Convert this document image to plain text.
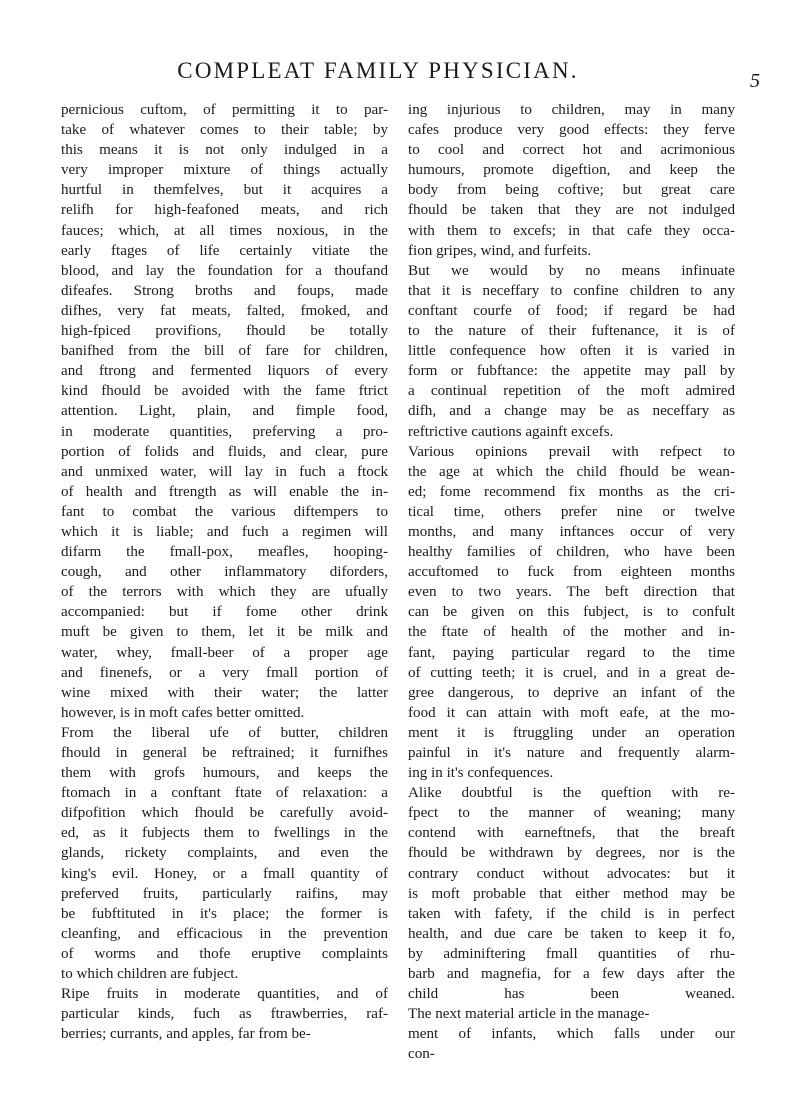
COMPLEAT FAMILY PHYSICIAN.	5

pernicious cuftom, of permitting it to par-

take of whatever comes to their table; by

this means it is not only indulged in a

very improper mixture of things actually

hurtful in themfelves, but it acquires a

relifh for high-feafoned meats, and rich

fauces; which, at all times noxious, in the

early ftages of life certainly vitiate the

blood, and lay the foundation for a thoufand

difeafes. Strong broths and foups, made

difhes, very fat meats, falted, fmoked, and

high-fpiced provifions, fhould be totally

banifhed from the bill of fare for children,

and ftrong and fermented liquors of every

kind fhould be avoided with the fame ftrict

attention. Light, plain, and fimple food,

in moderate quantities, preferving a pro-

portion of folids and fluids, and clear, pure

and unmixed water, will lay in fuch a ftock

of health and ftrength as will enable the in-

fant to combat the various diftempers to

which it is liable; and fuch a regimen will

difarm the fmall-pox, meafles, hooping-

cough, and other inflammatory diforders,

of the terrors with which they are ufually

accompanied: but if fome other drink

muft be given to them, let it be milk and

water, whey, fmall-beer of a proper age

and finenefs, or a very fmall portion of

wine mixed with their water; the latter

however, is in moft cafes better omitted.

From the liberal ufe of butter, children

fhould in general be reftrained; it furnifhes

them with grofs humours, and keeps the

ftomach in a conftant ftate of relaxation: a

difpofition which fhould be carefully avoid-

ed, as it fubjects them to fwellings in the

glands, rickety complaints, and even the

king's evil. Honey, or a fmall quantity of

preferved fruits, particularly raifins, may

be fubftituted in it's place; the former is

cleanfing, and efficacious in the prevention

of worms and thofe eruptive complaints

to which children are fubject.

Ripe fruits in moderate quantities, and of

particular kinds, fuch as ftrawberries, raf-

berries; currants, and apples, far from be-

ing injurious to children, may in many

cafes produce very good effects: they ferve

to cool and correct hot and acrimonious

humours, promote digeftion, and keep the

body from being coftive; but great care

fhould be taken that they are not indulged

with them to excefs; in that cafe they occa-

fion gripes, wind, and furfeits.

But we would by no means infinuate

that it is neceffary to confine children to any

conftant courfe of food; if regard be had

to the nature of their fuftenance, it is of

little confequence how often it is varied in

form or fubftance: the appetite may pall by

a continual repetition of the moft admired

difh, and a change may be as neceffary as

reftrictive cautions againft excefs.

Various opinions prevail with refpect to

the age at which the child fhould be wean-

ed; fome recommend fix months as the cri-

tical time, others prefer nine or twelve

months, and many inftances occur of very

healthy families of children, who have been

accuftomed to fuck from eighteen months

even to two years. The beft direction that

can be given on this fubject, is to confult

the ftate of health of the mother and in-

fant, paying particular regard to the time

of cutting teeth; it is cruel, and in a great de-

gree dangerous, to deprive an infant of the

food it can attain with moft eafe, at the mo-

ment it is ftruggling under an operation

painful in it's nature and frequently alarm-

ing in it's confequences.

Alike doubtful is the queftion with re-

fpect to the manner of weaning; many

contend with earneftnefs, that the breaft

fhould be withdrawn by degrees, nor is the

contrary conduct without advocates: but it

is moft probable that either method may be

taken with fafety, if the child is in perfect

health, and due care be taken to keep it fo,

by adminiftering fmall quantities of rhu-

barb and magnefia, for a few days after the

child has been weaned.

The next material article in the manage-

ment of infants, which falls under our

con-
